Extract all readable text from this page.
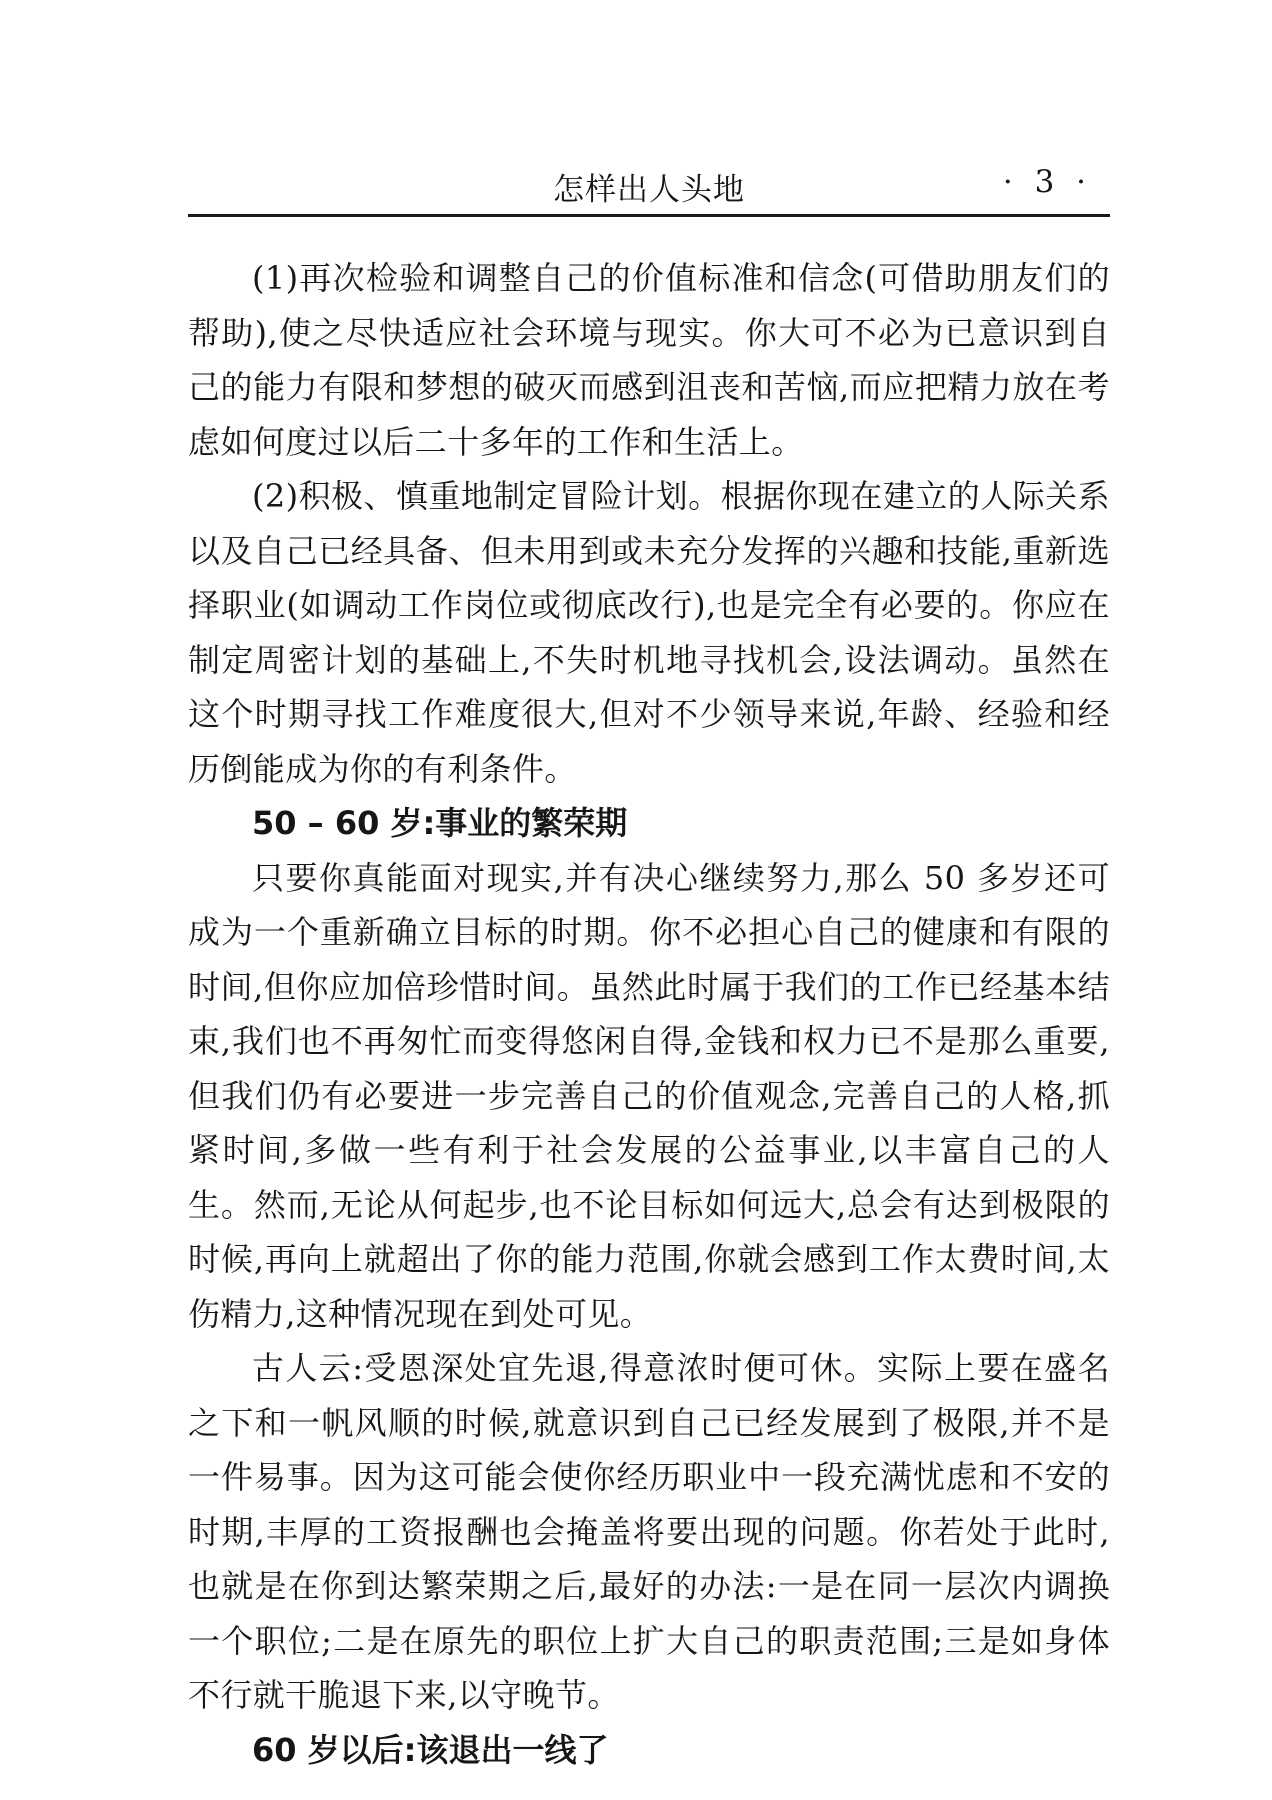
怎样出人头地	· 3 ·

(1)再次检验和调整自己的价值标准和信念(可借助朋友们的帮助),使之尽快适应社会环境与现实。你大可不必为已意识到自己的能力有限和梦想的破灭而感到沮丧和苦恼,而应把精力放在考虑如何度过以后二十多年的工作和生活上。

(2)积极、慎重地制定冒险计划。根据你现在建立的人际关系以及自己已经具备、但未用到或未充分发挥的兴趣和技能,重新选择职业(如调动工作岗位或彻底改行),也是完全有必要的。你应在制定周密计划的基础上,不失时机地寻找机会,设法调动。虽然在这个时期寻找工作难度很大,但对不少领导来说,年龄、经验和经历倒能成为你的有利条件。

50 – 60 岁:事业的繁荣期

只要你真能面对现实,并有决心继续努力,那么 50 多岁还可成为一个重新确立目标的时期。你不必担心自己的健康和有限的时间,但你应加倍珍惜时间。虽然此时属于我们的工作已经基本结束,我们也不再匆忙而变得悠闲自得,金钱和权力已不是那么重要,但我们仍有必要进一步完善自己的价值观念,完善自己的人格,抓紧时间,多做一些有利于社会发展的公益事业,以丰富自己的人生。然而,无论从何起步,也不论目标如何远大,总会有达到极限的时候,再向上就超出了你的能力范围,你就会感到工作太费时间,太伤精力,这种情况现在到处可见。

古人云:受恩深处宜先退,得意浓时便可休。实际上要在盛名之下和一帆风顺的时候,就意识到自己已经发展到了极限,并不是一件易事。因为这可能会使你经历职业中一段充满忧虑和不安的时期,丰厚的工资报酬也会掩盖将要出现的问题。你若处于此时,也就是在你到达繁荣期之后,最好的办法:一是在同一层次内调换一个职位;二是在原先的职位上扩大自己的职责范围;三是如身体不行就干脆退下来,以守晚节。

60 岁以后:该退出一线了
